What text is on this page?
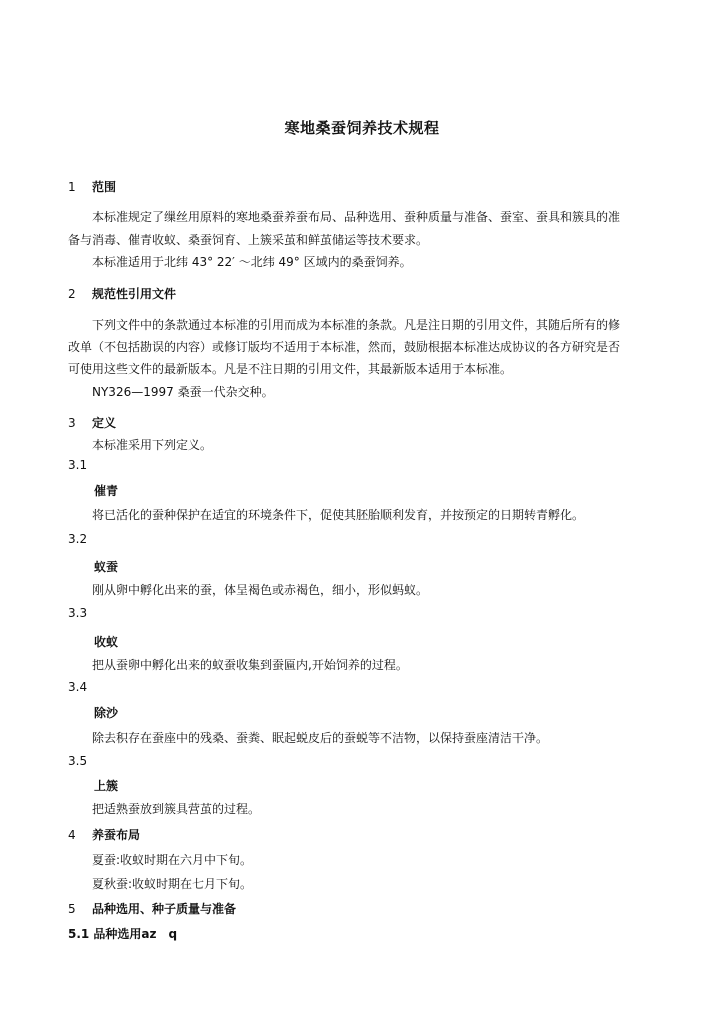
寒地桑蚕饲养技术规程
1 范围
本标准规定了缫丝用原料的寒地桑蚕养蚕布局、品种选用、蚕种质量与准备、蚕室、蚕具和簇具的准
备与消毒、催青收蚁、桑蚕饲育、上簇采茧和鲜茧储运等技术要求。
本标准适用于北纬 43° 22′ ～北纬 49° 区域内的桑蚕饲养。
2 规范性引用文件
下列文件中的条款通过本标准的引用而成为本标准的条款。凡是注日期的引用文件，其随后所有的修
改单（不包括勘误的内容）或修订版均不适用于本标准，然而，鼓励根据本标准达成协议的各方研究是否
可使用这些文件的最新版本。凡是不注日期的引用文件，其最新版本适用于本标准。
NY326—1997 桑蚕一代杂交种。
3 定义
本标准采用下列定义。
3.1
催青
将已活化的蚕种保护在适宜的环境条件下，促使其胚胎顺利发育，并按预定的日期转青孵化。
3.2
蚁蚕
刚从卵中孵化出来的蚕，体呈褐色或赤褐色，细小，形似蚂蚁。
3.3
收蚁
把从蚕卵中孵化出来的蚁蚕收集到蚕匾内,开始饲养的过程。
3.4
除沙
除去积存在蚕座中的残桑、蚕粪、眠起蜕皮后的蚕蜕等不洁物，以保持蚕座清洁干净。
3.5
上簇
把适熟蚕放到簇具营茧的过程。
4 养蚕布局
夏蚕:收蚁时期在六月中下旬。
夏秋蚕:收蚁时期在七月下旬。
5 品种选用、种子质量与准备
5.1 品种选用az　q
